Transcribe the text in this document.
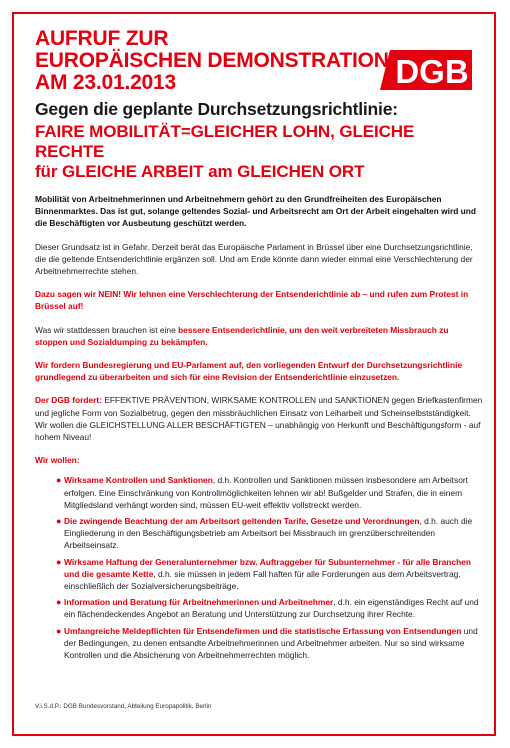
DGB
AUFRUF ZUR
EUROPÄISCHEN DEMONSTRATION
AM 23.01.2013
Gegen die geplante Durchsetzungsrichtlinie:
FAIRE MOBILITÄT=GLEICHER LOHN, GLEICHE RECHTE
für GLEICHE ARBEIT am GLEICHEN ORT
Mobilität von Arbeitnehmerinnen und Arbeitnehmern gehört zu den Grundfreiheiten des Europäischen Binnenmarktes. Das ist gut, solange geltendes Sozial- und Arbeitsrecht am Ort der Arbeit eingehalten wird und die Beschäftigten vor Ausbeutung geschützt werden.
Dieser Grundsatz ist in Gefahr. Derzeit berät das Europäische Parlament in Brüssel über eine Durchsetzungsrichtlinie, die die geltende Entsenderichtlinie ergänzen soll. Und am Ende könnte dann wieder einmal eine Verschlechterung der Arbeitnehmerrechte stehen.
Dazu sagen wir NEIN! Wir lehnen eine Verschlechterung der Entsenderichtlinie ab – und rufen zum Protest in Brüssel auf!
Was wir stattdessen brauchen ist eine bessere Entsenderichtlinie, um den weit verbreiteten Missbrauch zu stoppen und Sozialdumping zu bekämpfen.
Wir fordern Bundesregierung und EU-Parlament auf, den vorliegenden Entwurf der Durchsetzungsrichtlinie grundlegend zu überarbeiten und sich für eine Revision der Entsenderichtlinie einzusetzen.
Der DGB fordert: EFFEKTIVE PRÄVENTION, WIRKSAME KONTROLLEN und SANKTIONEN gegen Briefkastenfirmen und jegliche Form von Sozialbetrug, gegen den missbräuchlichen Einsatz von Leiharbeit und Scheinselbstständigkeit. Wir wollen die GLEICHSTELLUNG ALLER BESCHÄFTIGTEN – unabhängig von Herkunft und Beschäftigungsform - auf hohem Niveau!
Wir wollen:
● Wirksame Kontrollen und Sanktionen, d.h. Kontrollen und Sanktionen müssen insbesondere am Arbeitsort erfolgen. Eine Einschränkung von Kontrollmöglichkeiten lehnen wir ab! Bußgelder und Strafen, die in einem Mitgliedsland verhängt worden sind, müssen EU-weit effektiv vollstreckt werden.
● Die zwingende Beachtung der am Arbeitsort geltenden Tarife, Gesetze und Verordnungen, d.h. auch die Eingliederung in den Beschäftigungsbetrieb am Arbeitsort bei Missbrauch im grenzüberschreitenden Arbeitseinsatz.
● Wirksame Haftung der Generalunternehmer bzw. Auftraggeber für Subunternehmer - für alle Branchen und die gesamte Kette, d.h. sie müssen in jedem Fall haften für alle Forderungen aus dem Arbeitsvertrag, einschließlich der Sozialversicherungsbeiträge.
● Information und Beratung für Arbeitnehmerinnen und Arbeitnehmer, d.h. ein eigenständiges Recht auf und ein flächendeckendes Angebot an Beratung und Unterstützung zur Durchsetzung ihrer Rechte.
● Umfangreiche Meldepflichten für Entsendefirmen und die statistische Erfassung von Entsendungen und der Bedingungen, zu denen entsandte Arbeitnehmerinnen und Arbeitnehmer arbeiten. Nur so sind wirksame Kontrollen und die Absicherung von Arbeitnehmerrechten möglich.
V.i.S.d.P.: DGB Bundesvorstand, Abteilung Europapolitik, Berlin
